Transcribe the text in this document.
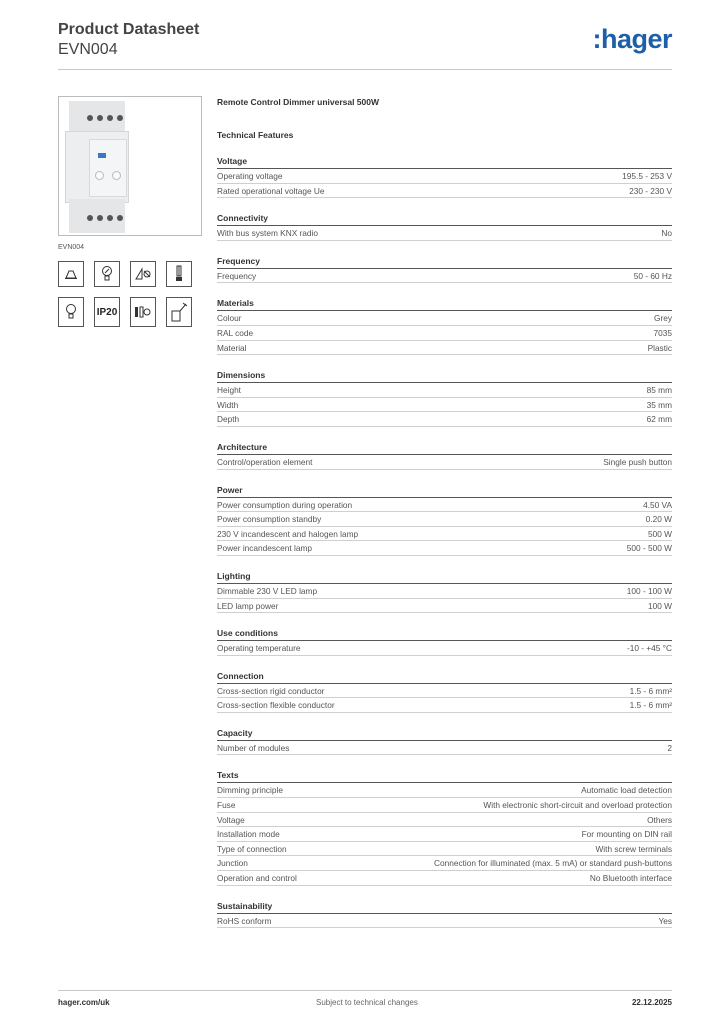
Product Datasheet
EVN004	:hager
EVN004
IP20
Remote Control Dimmer universal 500W
Technical Features
Voltage
Operating voltage	195.5 - 253 V
Rated operational voltage Ue	230 - 230 V
Connectivity
With bus system KNX radio	No
Frequency
Frequency	50 - 60 Hz
Materials
Colour	Grey
RAL code	7035
Material	Plastic
Dimensions
Height	85 mm
Width	35 mm
Depth	62 mm
Architecture
Control/operation element	Single push button
Power
Power consumption during operation	4.50 VA
Power consumption standby	0.20 W
230 V incandescent and halogen lamp	500 W
Power incandescent lamp	500 - 500 W
Lighting
Dimmable 230 V LED lamp	100 - 100 W
LED lamp power	100 W
Use conditions
Operating temperature	-10 - +45 °C
Connection
Cross-section rigid conductor	1.5 - 6 mm²
Cross-section flexible conductor	1.5 - 6 mm²
Capacity
Number of modules	2
Texts
Dimming principle	Automatic load detection
Fuse	With electronic short-circuit and overload protection
Voltage	Others
Installation mode	For mounting on DIN rail
Type of connection	With screw terminals
Junction	Connection for illuminated (max. 5 mA) or standard push-buttons
Operation and control	No Bluetooth interface
Sustainability
RoHS conform	Yes
hager.com/uk	Subject to technical changes	22.12.2025
